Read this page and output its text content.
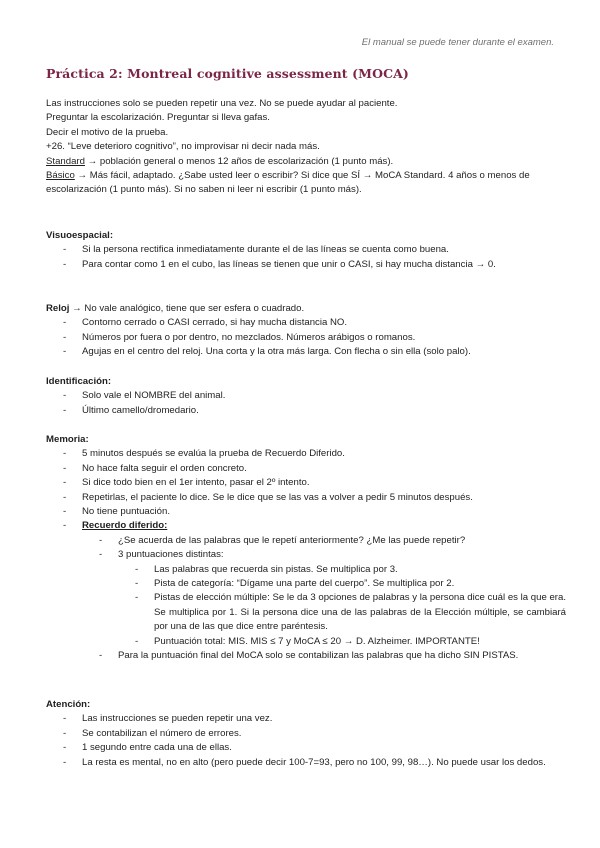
El manual se puede tener durante el examen.
Práctica 2: Montreal cognitive assessment (MOCA)

Las instrucciones solo se pueden repetir una vez. No se puede ayudar al paciente.

Preguntar la escolarización. Preguntar si lleva gafas.

Decir el motivo de la prueba.

+26. “Leve deterioro cognitivo”, no improvisar ni decir nada más.

Standard → población general o menos 12 años de escolarización (1 punto más).

Básico → Más fácil, adaptado. ¿Sabe usted leer o escribir? Si dice que SÍ → MoCA Standard. 4 años o menos de escolarización (1 punto más). Si no saben ni leer ni escribir (1 punto más).

Visuoespacial:
- Si la persona rectifica inmediatamente durante el de las líneas se cuenta como buena.
- Para contar como 1 en el cubo, las líneas se tienen que unir o CASI, si hay mucha distancia → 0.

Reloj → No vale analógico, tiene que ser esfera o cuadrado.

- Contorno cerrado o CASI cerrado, si hay mucha distancia NO.
- Números por fuera o por dentro, no mezclados. Números arábigos o romanos.
- Agujas en el centro del reloj. Una corta y la otra más larga. Con flecha o sin ella (solo palo).
Identificación:
- Solo vale el NOMBRE del animal.
- Último camello/dromedario.
Memoria:
- 5 minutos después se evalúa la prueba de Recuerdo Diferido.
- No hace falta seguir el orden concreto.
- Si dice todo bien en el 1er intento, pasar el 2º intento.
- Repetirlas, el paciente lo dice. Se le dice que se las vas a volver a pedir 5 minutos después.
- No tiene puntuación.
- Recuerdo diferido:
- ¿Se acuerda de las palabras que le repetí anteriormente? ¿Me las puede repetir?
- 3 puntuaciones distintas:
- Las palabras que recuerda sin pistas. Se multiplica por 3.
- Pista de categoría: “Dígame una parte del cuerpo”. Se multiplica por 2.
- Pistas de elección múltiple: Se le da 3 opciones de palabras y la persona dice cuál es la que era. Se multiplica por 1. Si la persona dice una de las palabras de la Elección múltiple, se cambiará por una de las que dice entre paréntesis.
- Puntuación total: MIS. MIS ≤ 7 y MoCA ≤ 20 → D. Alzheimer. IMPORTANTE!
- Para la puntuación final del MoCA solo se contabilizan las palabras que ha dicho SIN PISTAS.
Atención:
- Las instrucciones se pueden repetir una vez.
- Se contabilizan el número de errores.
- 1 segundo entre cada una de ellas.
- La resta es mental, no en alto (pero puede decir 100-7=93, pero no 100, 99, 98…). No puede usar los dedos.
